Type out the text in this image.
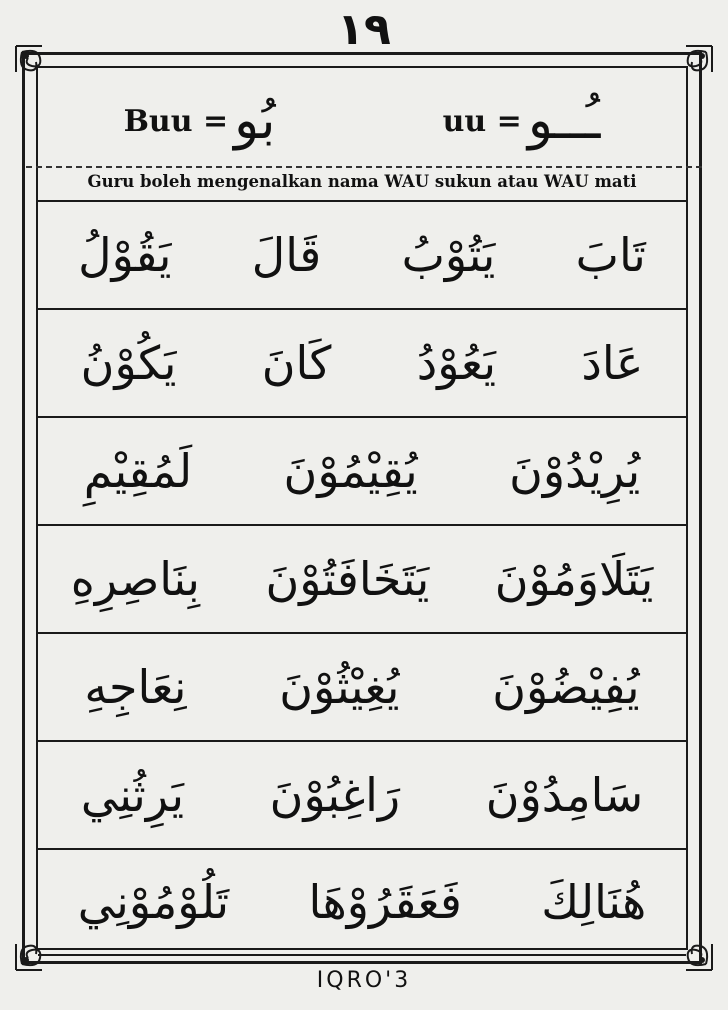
١٩
Buu = بُو	uu = ـُــو
Guru boleh mengenalkan nama WAU sukun atau WAU mati
تَابَ
يَتُوْبُ
قَالَ
يَقُوْلُ
عَادَ
يَعُوْدُ
كَانَ
يَكُوْنُ
يُرِيْدُوْنَ
يُقِيْمُوْنَ
لَمُقِيْمِ
يَتَلَاوَمُوْنَ
يَتَخَافَتُوْنَ
بِنَاصِرِهِ
يُفِيْضُوْنَ
يُغِيْثُوْنَ
نِعَاجِهِ
سَامِدُوْنَ
رَاغِبُوْنَ
يَرِثُنِي
هُنَالِكَ
فَعَقَرُوْهَا
تَلُوْمُوْنِي
IQRO'3
